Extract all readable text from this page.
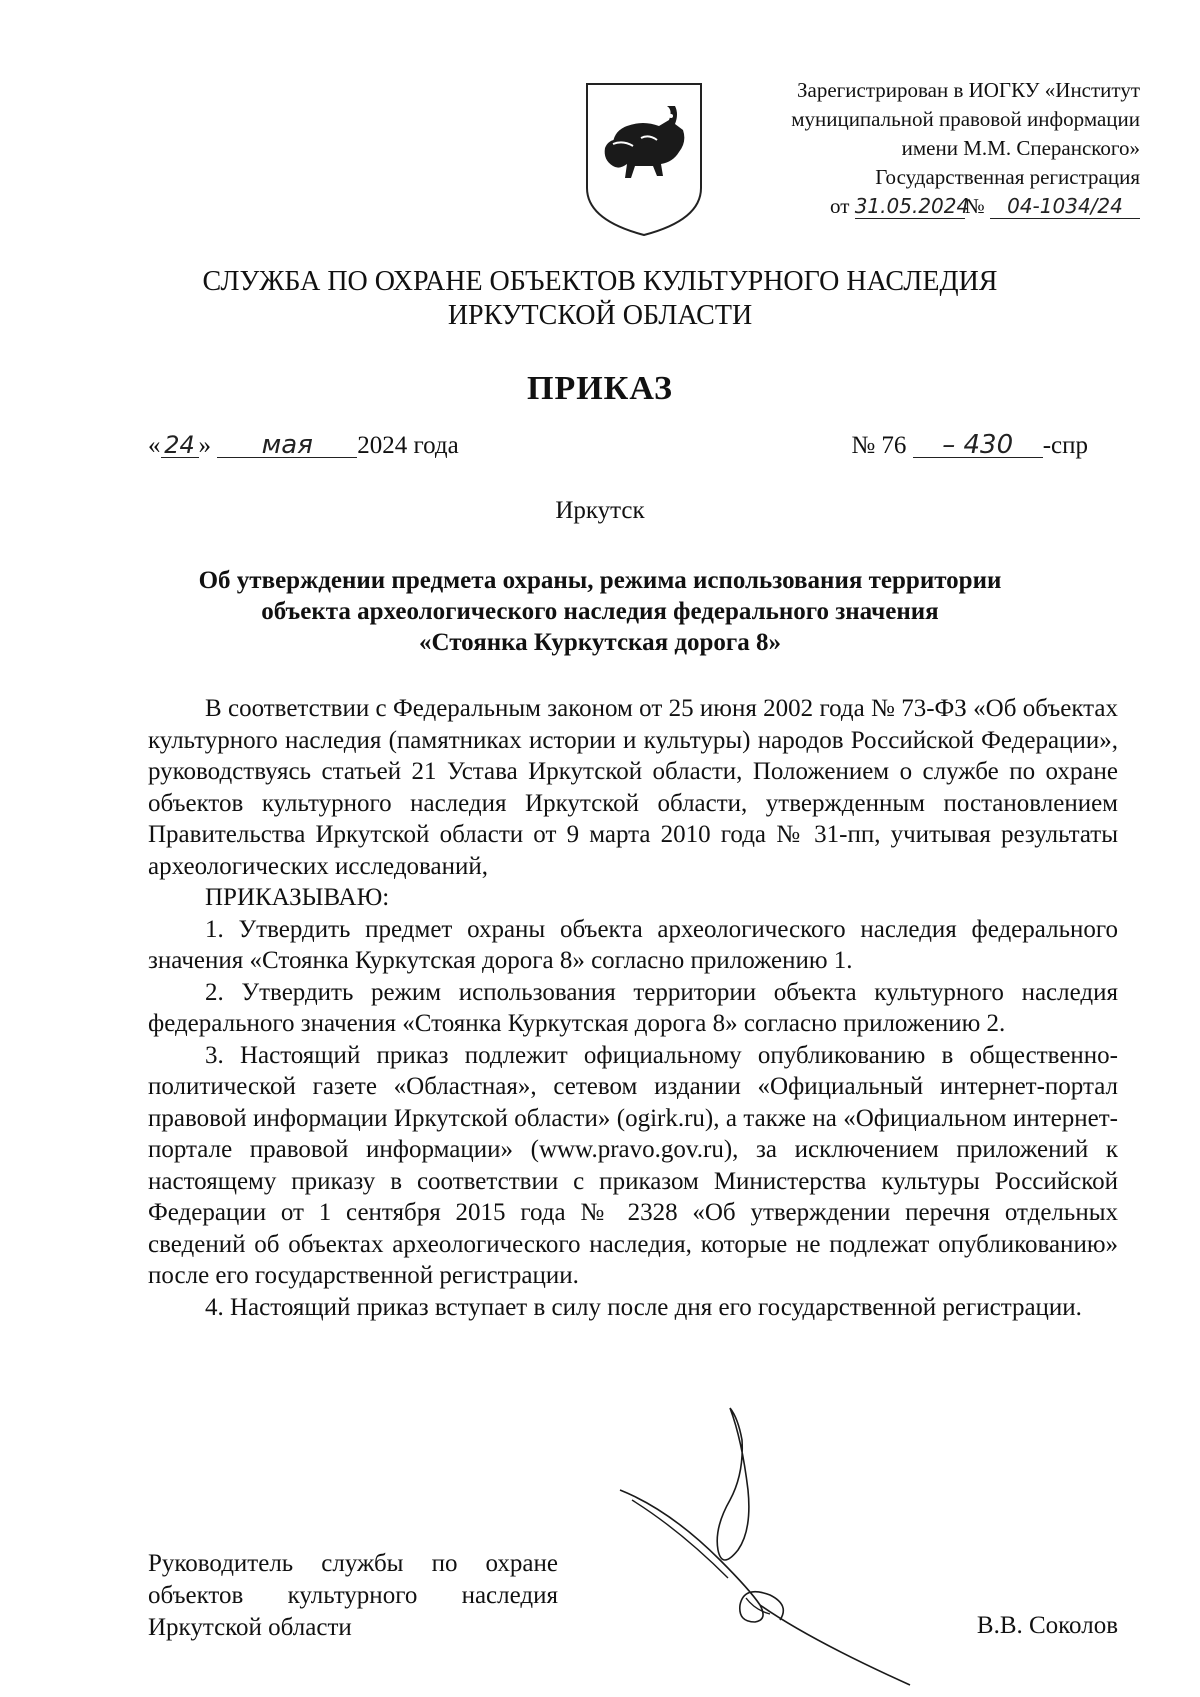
Зарегистрирован в ИОГКУ «Институт
муниципальной правовой информации
имени М.М. Сперанского»
Государственная регистрация
от 31.05.2024№ 04-1034/24
СЛУЖБА ПО ОХРАНЕ ОБЪЕКТОВ КУЛЬТУРНОГО НАСЛЕДИЯ
ИРКУТСКОЙ ОБЛАСТИ
ПРИКАЗ
« 24 » мая 2024 года	№ 76 – 430 -спр
Иркутск
Об утверждении предмета охраны, режима использования территории
объекта археологического наследия федерального значения
«Стоянка Куркутская дорога 8»

В соответствии с Федеральным законом от 25 июня 2002 года № 73-ФЗ «Об объектах культурного наследия (памятниках истории и культуры) народов Российской Федерации», руководствуясь статьей 21 Устава Иркутской области, Положением о службе по охране объектов культурного наследия Иркутской области, утвержденным постановлением Правительства Иркутской области от 9 марта 2010 года № 31-пп, учитывая результаты археологических исследований,

ПРИКАЗЫВАЮ:

1. Утвердить предмет охраны объекта археологического наследия федерального значения «Стоянка Куркутская дорога 8» согласно приложению 1.

2. Утвердить режим использования территории объекта культурного наследия федерального значения «Стоянка Куркутская дорога 8» согласно приложению 2.

3. Настоящий приказ подлежит официальному опубликованию в общественно-политической газете «Областная», сетевом издании «Официальный интернет-портал правовой информации Иркутской области» (ogirk.ru), а также на «Официальном интернет-портале правовой информации» (www.pravo.gov.ru), за исключением приложений к настоящему приказу в соответствии с приказом Министерства культуры Российской Федерации от 1 сентября 2015 года № 2328 «Об утверждении перечня отдельных сведений об объектах археологического наследия, которые не подлежат опубликованию» после его государственной регистрации.

4. Настоящий приказ вступает в силу после дня его государственной регистрации.

Руководитель службы по охране
объектов культурного наследия
Иркутской области	В.В. Соколов
